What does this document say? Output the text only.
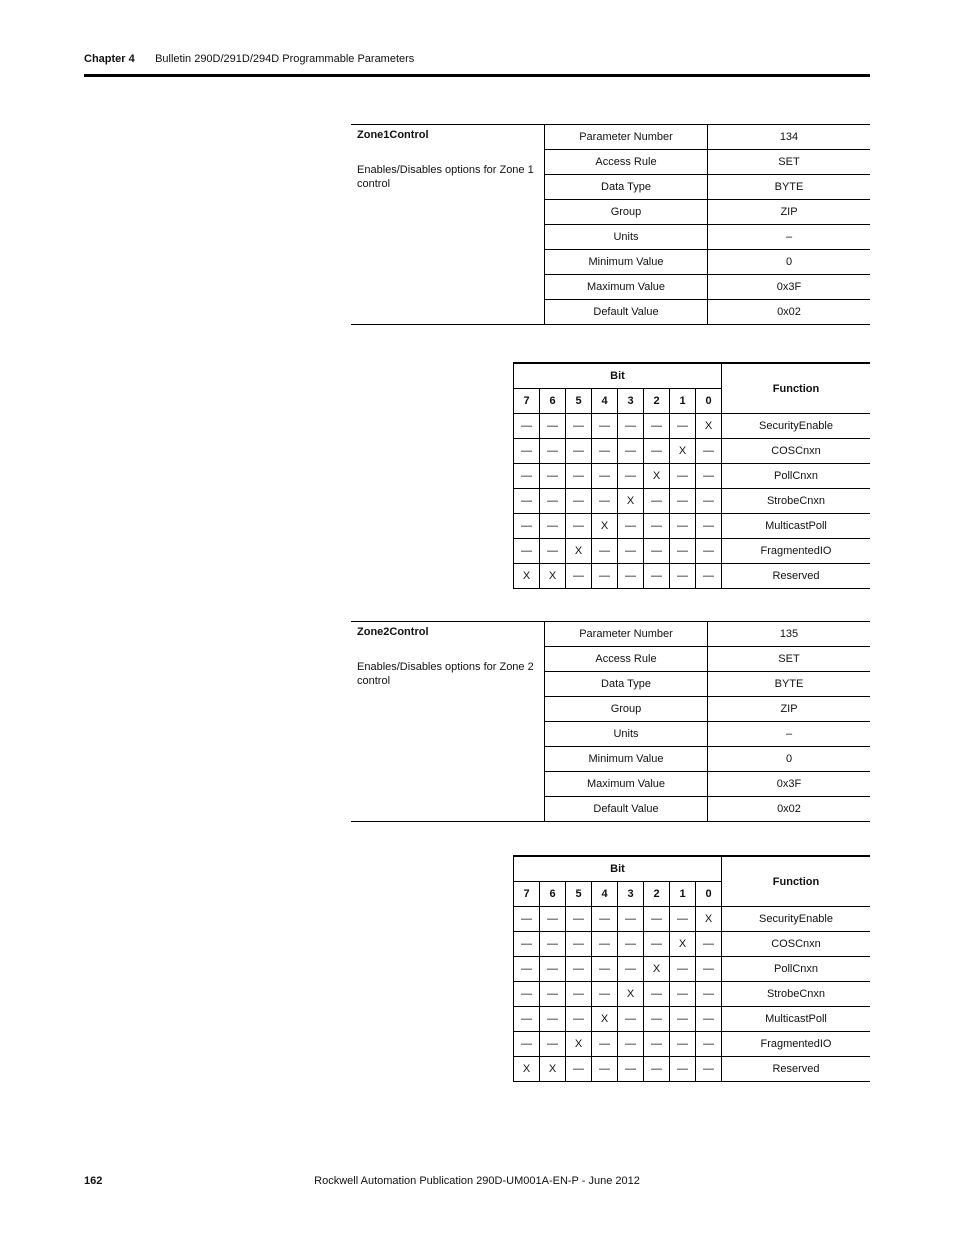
Chapter 4 Bulletin 290D/291D/294D Programmable Parameters
Zone1Control
Enables/Disables options for Zone 1 control	Parameter Number	134
	Access Rule	SET
	Data Type	BYTE
	Group	ZIP
	Units	–
	Minimum Value	0
	Maximum Value	0x3F
	Default Value	0x02
Bit								Function
7	6	5	4	3	2	1	0	
—	—	—	—	—	—	—	X	SecurityEnable
—	—	—	—	—	—	X	—	COSCnxn
—	—	—	—	—	X	—	—	PollCnxn
—	—	—	—	X	—	—	—	StrobeCnxn
—	—	—	X	—	—	—	—	MulticastPoll
—	—	X	—	—	—	—	—	FragmentedIO
X	X	—	—	—	—	—	—	Reserved
Zone2Control
Enables/Disables options for Zone 2 control	Parameter Number	135
	Access Rule	SET
	Data Type	BYTE
	Group	ZIP
	Units	–
	Minimum Value	0
	Maximum Value	0x3F
	Default Value	0x02
Bit								Function
7	6	5	4	3	2	1	0	
—	—	—	—	—	—	—	X	SecurityEnable
—	—	—	—	—	—	X	—	COSCnxn
—	—	—	—	—	X	—	—	PollCnxn
—	—	—	—	X	—	—	—	StrobeCnxn
—	—	—	X	—	—	—	—	MulticastPoll
—	—	X	—	—	—	—	—	FragmentedIO
X	X	—	—	—	—	—	—	Reserved
162	Rockwell Automation Publication 290D-UM001A-EN-P - June 2012
